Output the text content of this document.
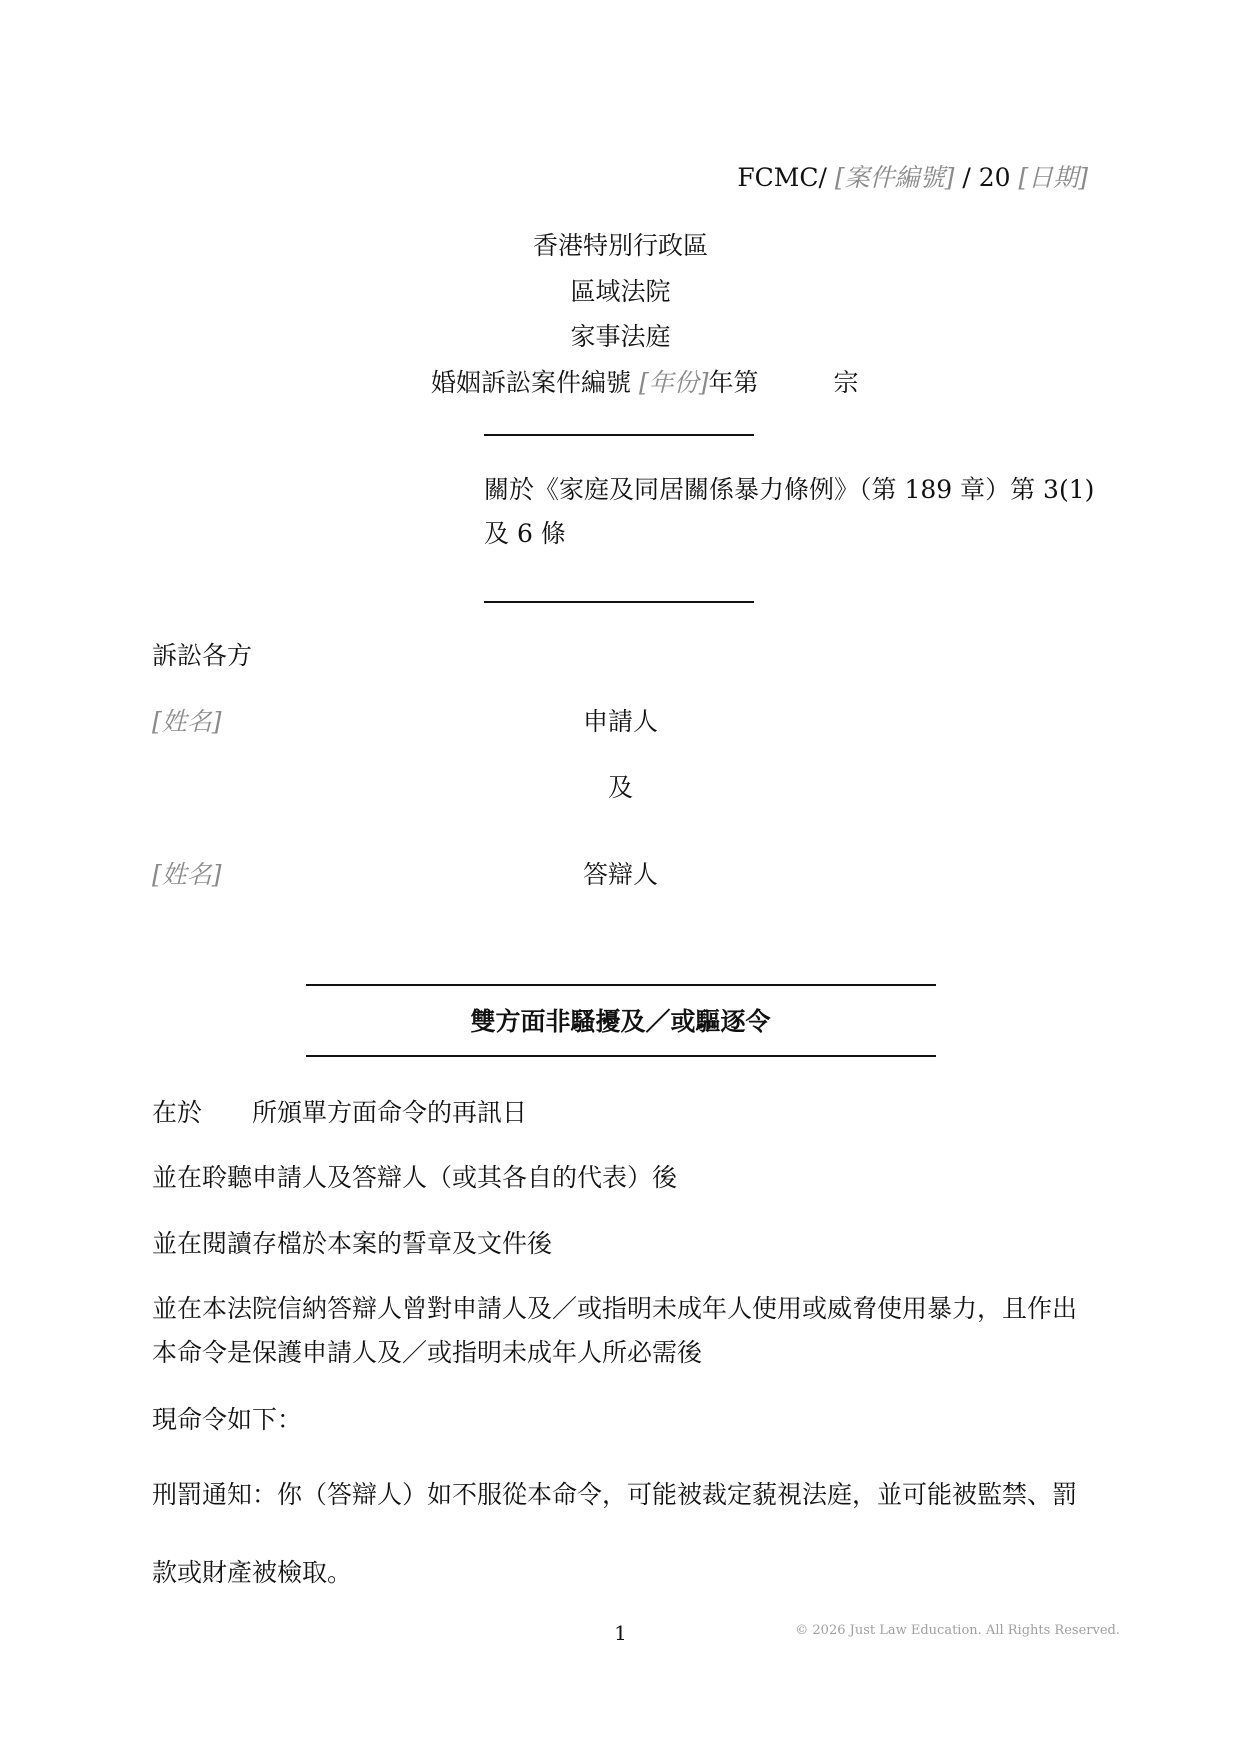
FCMC/ [案件編號] / 20 [日期]
香港特別行政區
區域法院
家事法庭
婚姻訴訟案件編號 [年份]年第	宗
關於《家庭及同居關係暴力條例》（第 189 章）第 3(1)
及 6 條
訴訟各方
[姓名]	申請人
及
[姓名]	答辯人
雙方面非騷擾及／或驅逐令
在於 所頒單方面命令的再訊日
並在聆聽申請人及答辯人（或其各自的代表）後
並在閱讀存檔於本案的誓章及文件後
並在本法院信納答辯人曾對申請人及／或指明未成年人使用或威脅使用暴力，且作出
本命令是保護申請人及／或指明未成年人所必需後
現命令如下：
刑罰通知：你（答辯人）如不服從本命令，可能被裁定藐視法庭，並可能被監禁、罰
款或財產被檢取。
1	© 2026 Just Law Education. All Rights Reserved.
